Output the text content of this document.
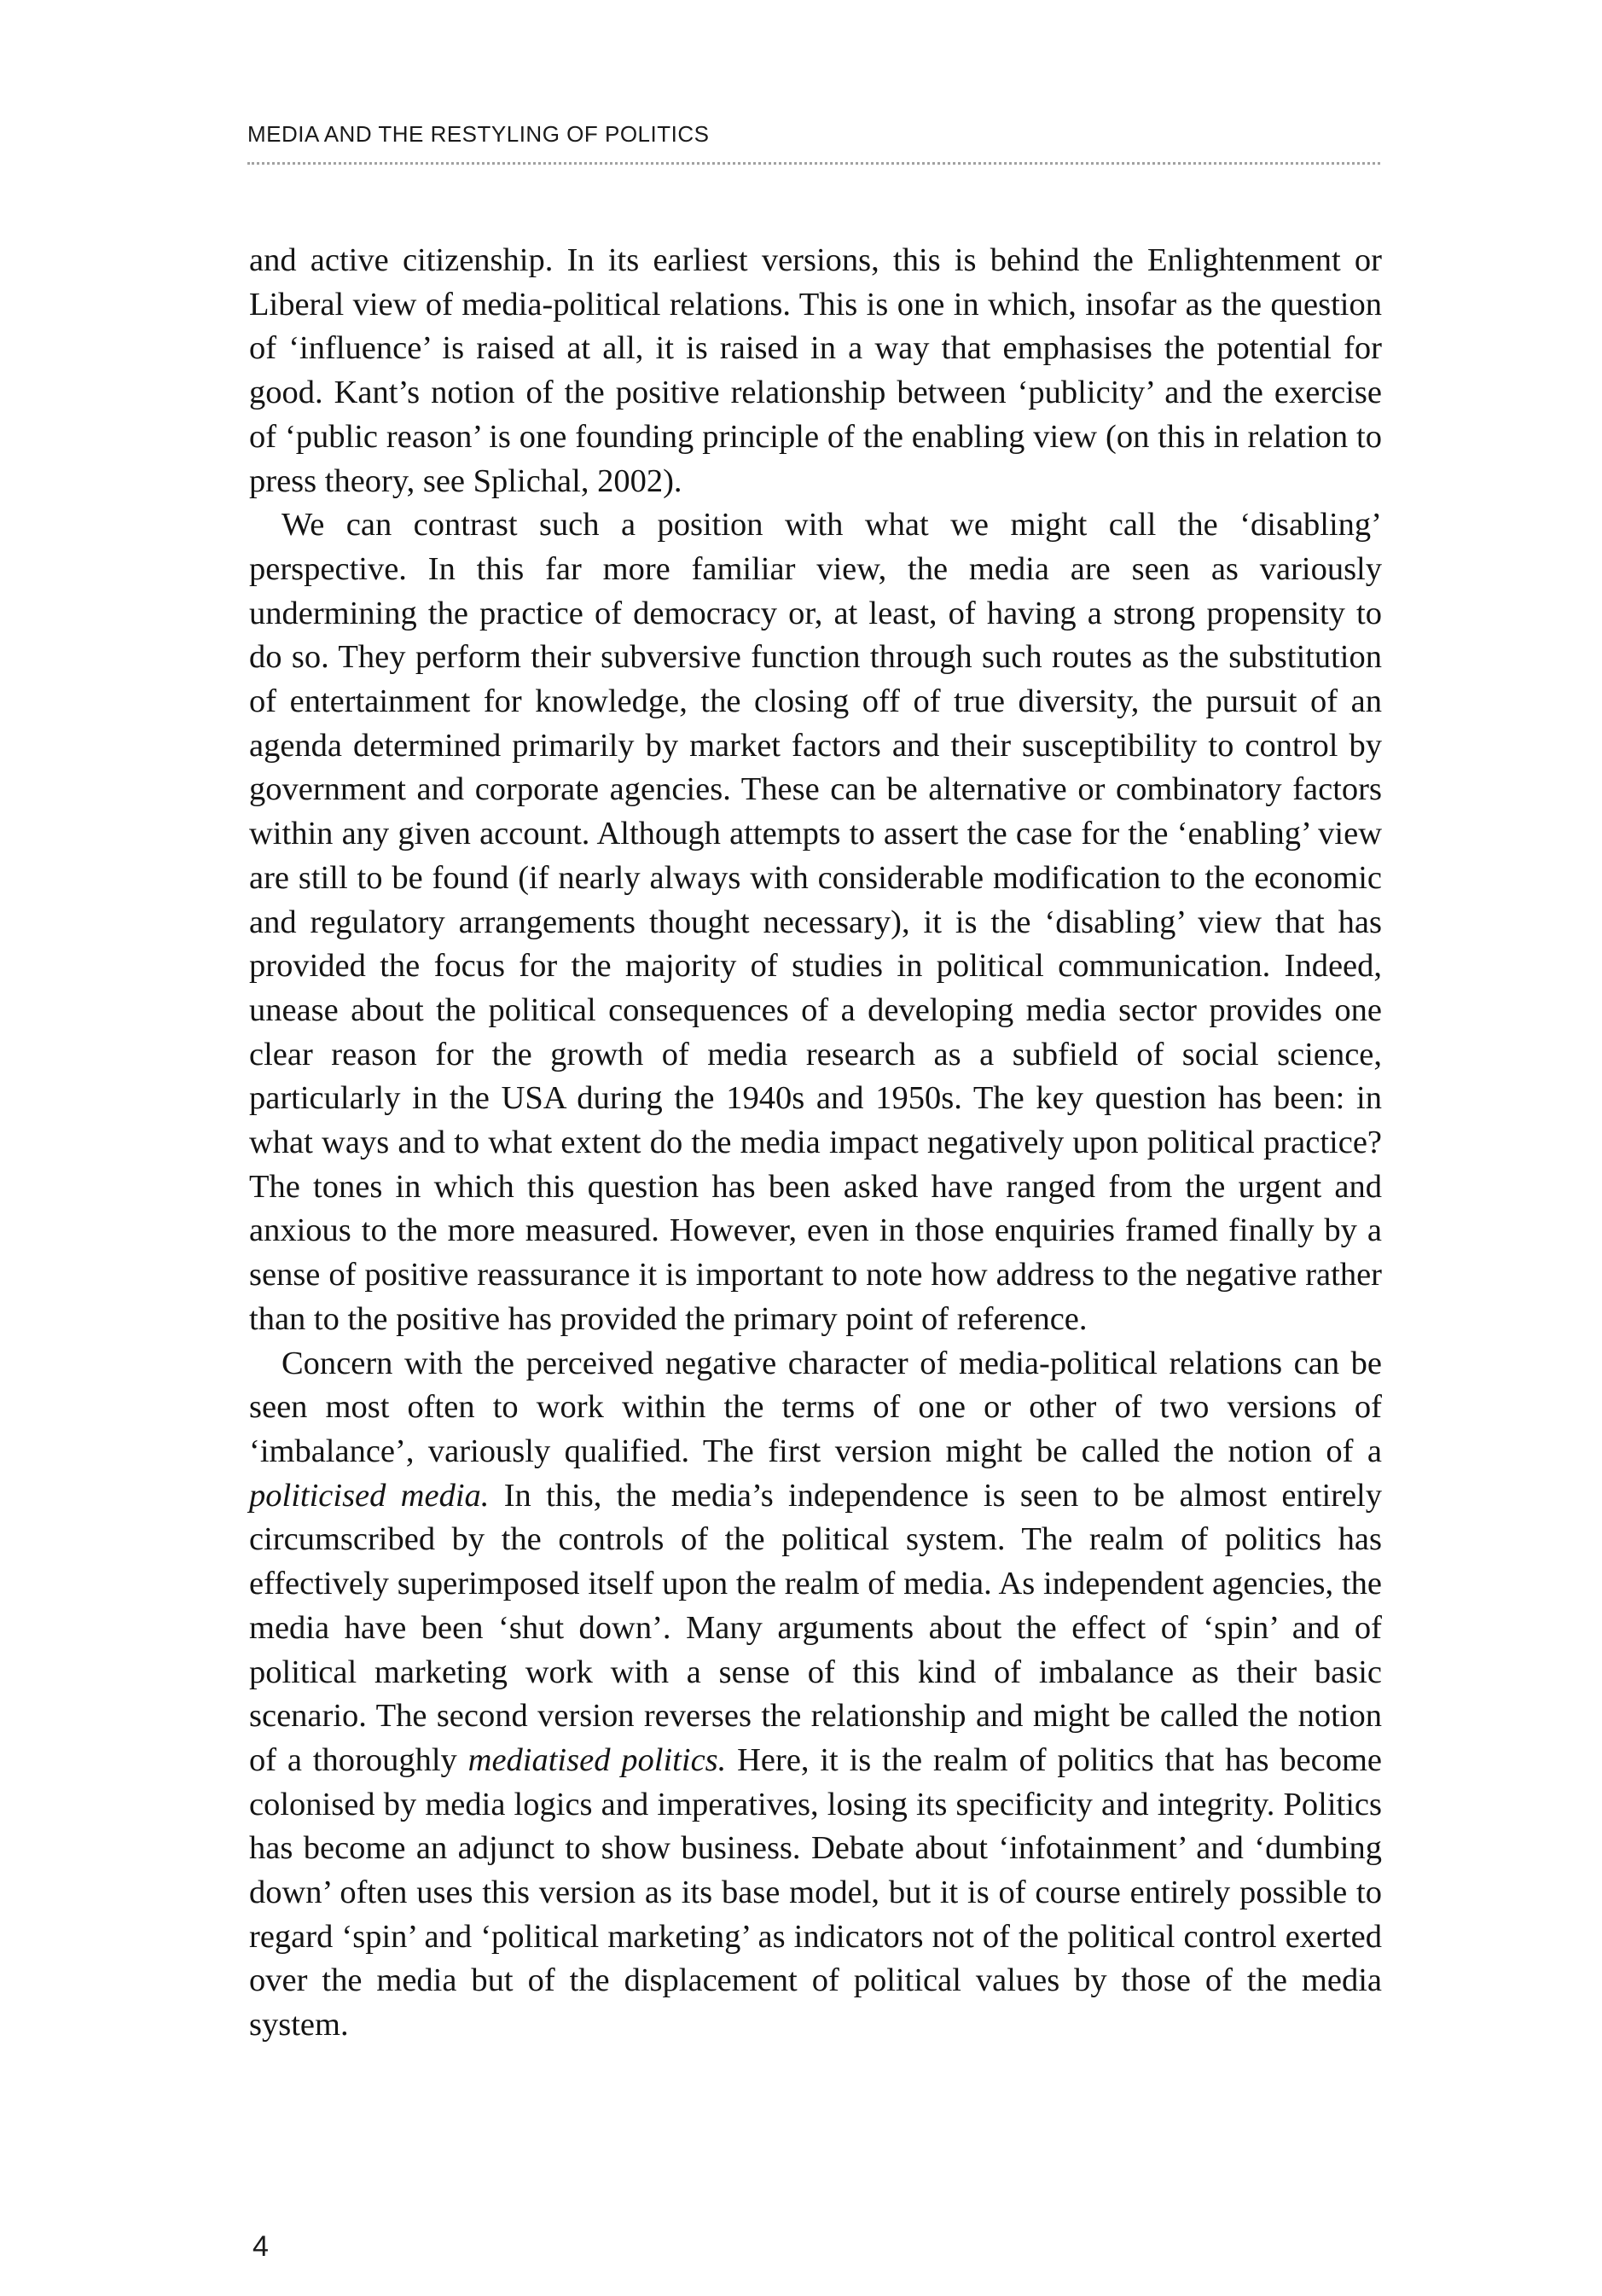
MEDIA AND THE RESTYLING OF POLITICS

and active citizenship. In its earliest versions, this is behind the Enlightenment or Liberal view of media-political relations. This is one in which, insofar as the question of ‘influence’ is raised at all, it is raised in a way that emphasises the potential for good. Kant’s notion of the positive relationship between ‘publicity’ and the exercise of ‘public reason’ is one founding principle of the enabling view (on this in relation to press theory, see Splichal, 2002).

We can contrast such a position with what we might call the ‘disabling’ perspective. In this far more familiar view, the media are seen as variously undermining the practice of democracy or, at least, of having a strong propensity to do so. They perform their subversive function through such routes as the substitution of entertainment for knowledge, the closing off of true diversity, the pursuit of an agenda determined primarily by market factors and their susceptibility to control by government and corporate agencies. These can be alternative or combinatory factors within any given account. Although attempts to assert the case for the ‘enabling’ view are still to be found (if nearly always with considerable modification to the economic and regulatory arrangements thought necessary), it is the ‘disabling’ view that has provided the focus for the majority of studies in political communication. Indeed, unease about the political consequences of a developing media sector provides one clear reason for the growth of media research as a subfield of social science, particularly in the USA during the 1940s and 1950s. The key question has been: in what ways and to what extent do the media impact negatively upon political practice? The tones in which this question has been asked have ranged from the urgent and anxious to the more measured. However, even in those enquiries framed finally by a sense of positive reassurance it is important to note how address to the negative rather than to the positive has provided the primary point of reference.

Concern with the perceived negative character of media-political relations can be seen most often to work within the terms of one or other of two versions of ‘imbalance’, variously qualified. The first version might be called the notion of a politicised media. In this, the media’s independence is seen to be almost entirely circumscribed by the controls of the political system. The realm of politics has effectively superimposed itself upon the realm of media. As independent agencies, the media have been ‘shut down’. Many arguments about the effect of ‘spin’ and of political marketing work with a sense of this kind of imbalance as their basic scenario. The second version reverses the relationship and might be called the notion of a thoroughly mediatised politics. Here, it is the realm of politics that has become colonised by media logics and imperatives, losing its specificity and integrity. Politics has become an adjunct to show business. Debate about ‘infotainment’ and ‘dumbing down’ often uses this version as its base model, but it is of course entirely possible to regard ‘spin’ and ‘political marketing’ as indicators not of the political control exerted over the media but of the displacement of political values by those of the media system.

4
